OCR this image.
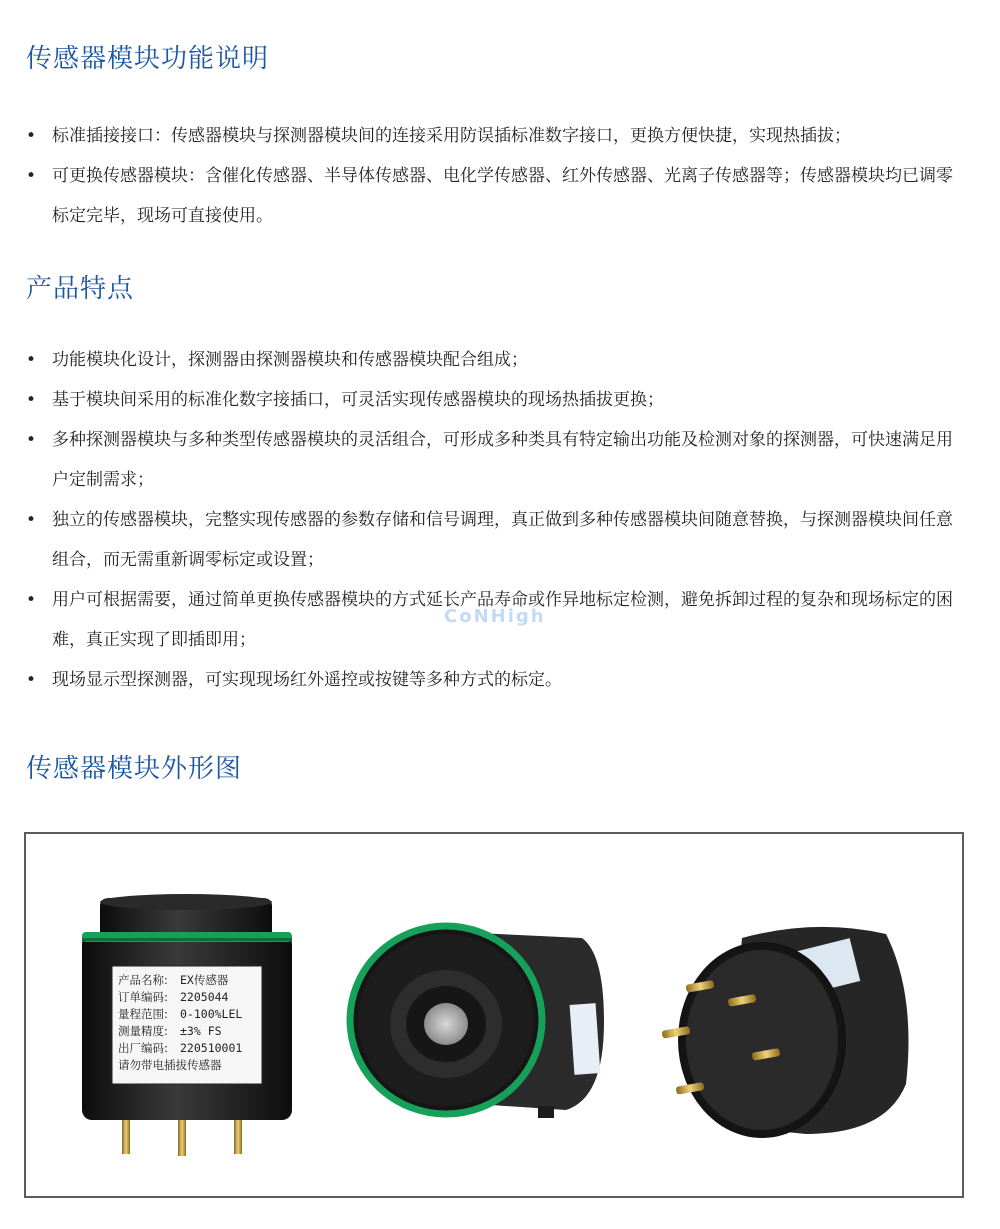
传感器模块功能说明
• 标准插接接口：传感器模块与探测器模块间的连接采用防误插标准数字接口，更换方便快捷，实现热插拔；
• 可更换传感器模块：含催化传感器、半导体传感器、电化学传感器、红外传感器、光离子传感器等；传感器模块均已调零标定完毕，现场可直接使用。
产品特点
• 功能模块化设计，探测器由探测器模块和传感器模块配合组成；
• 基于模块间采用的标准化数字接插口，可灵活实现传感器模块的现场热插拔更换；
• 多种探测器模块与多种类型传感器模块的灵活组合，可形成多种类具有特定输出功能及检测对象的探测器，可快速满足用户定制需求；
• 独立的传感器模块，完整实现传感器的参数存储和信号调理，真正做到多种传感器模块间随意替换，与探测器模块间任意组合，而无需重新调零标定或设置；
• 用户可根据需要，通过简单更换传感器模块的方式延长产品寿命或作异地标定检测，避免拆卸过程的复杂和现场标定的困难，真正实现了即插即用；
• 现场显示型探测器，可实现现场红外遥控或按键等多种方式的标定。
CoNHigh
传感器模块外形图
产品名称: EX传感器
订单编码: 2205044
量程范围: 0-100%LEL
测量精度: ±3% FS
出厂编码: 220510001
请勿带电插拔传感器
